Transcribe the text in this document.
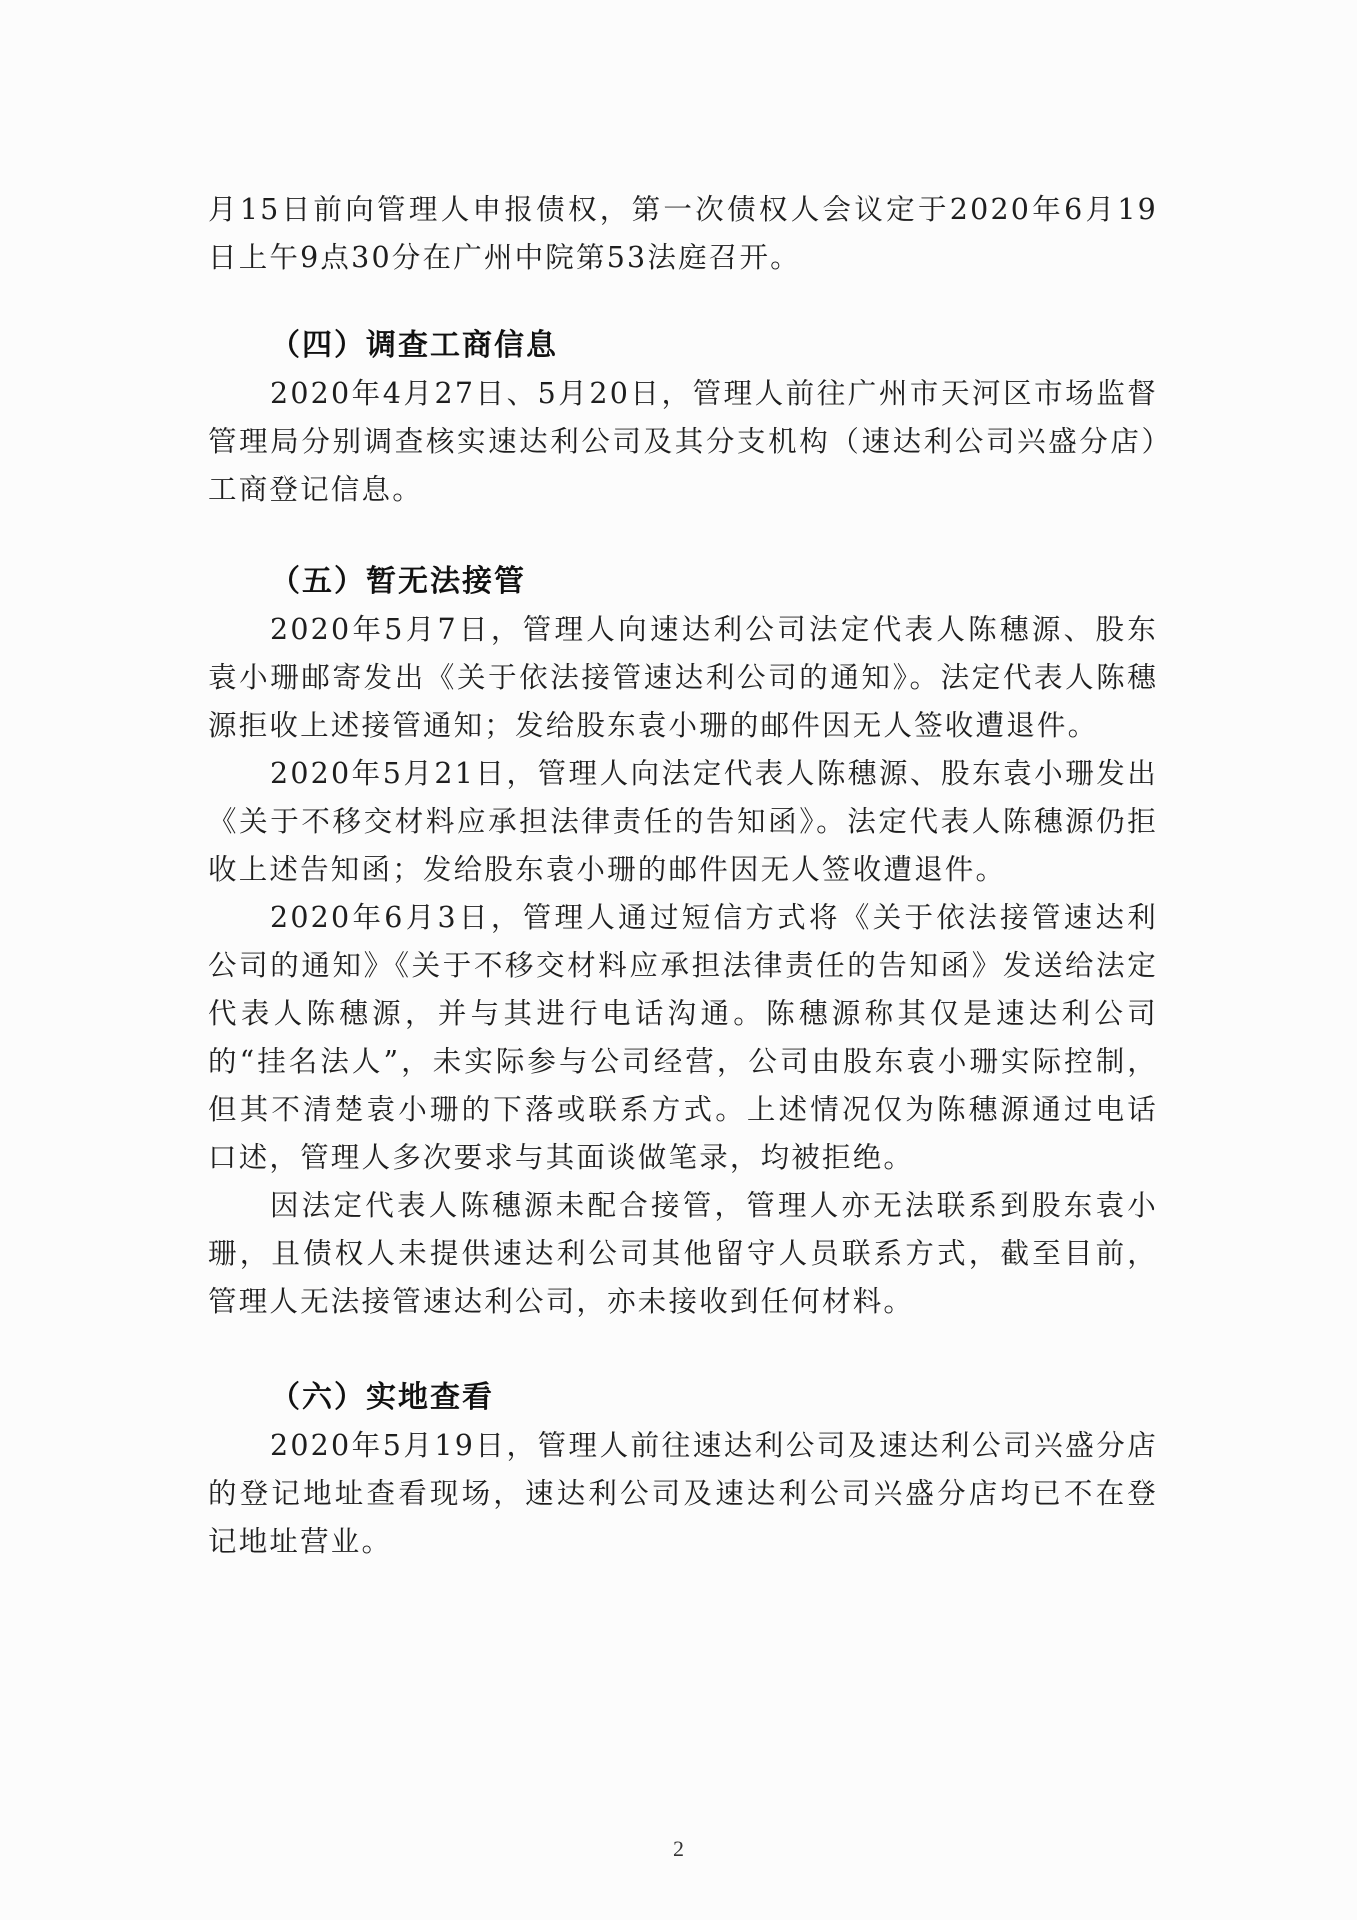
月15日前向管理人申报债权，第一次债权人会议定于2020年6月19日上午9点30分在广州中院第53法庭召开。

（四）调查工商信息

2020年4月27日、5月20日，管理人前往广州市天河区市场监督管理局分别调查核实速达利公司及其分支机构（速达利公司兴盛分店）工商登记信息。

（五）暂无法接管

2020年5月7日，管理人向速达利公司法定代表人陈穗源、股东袁小珊邮寄发出《关于依法接管速达利公司的通知》。法定代表人陈穗源拒收上述接管通知；发给股东袁小珊的邮件因无人签收遭退件。

2020年5月21日，管理人向法定代表人陈穗源、股东袁小珊发出《关于不移交材料应承担法律责任的告知函》。法定代表人陈穗源仍拒收上述告知函；发给股东袁小珊的邮件因无人签收遭退件。

2020年6月3日，管理人通过短信方式将《关于依法接管速达利公司的通知》《关于不移交材料应承担法律责任的告知函》发送给法定代表人陈穗源，并与其进行电话沟通。陈穗源称其仅是速达利公司的“挂名法人”，未实际参与公司经营，公司由股东袁小珊实际控制，但其不清楚袁小珊的下落或联系方式。上述情况仅为陈穗源通过电话口述，管理人多次要求与其面谈做笔录，均被拒绝。

因法定代表人陈穗源未配合接管，管理人亦无法联系到股东袁小珊，且债权人未提供速达利公司其他留守人员联系方式，截至目前，管理人无法接管速达利公司，亦未接收到任何材料。

（六）实地查看

2020年5月19日，管理人前往速达利公司及速达利公司兴盛分店的登记地址查看现场，速达利公司及速达利公司兴盛分店均已不在登记地址营业。

2
